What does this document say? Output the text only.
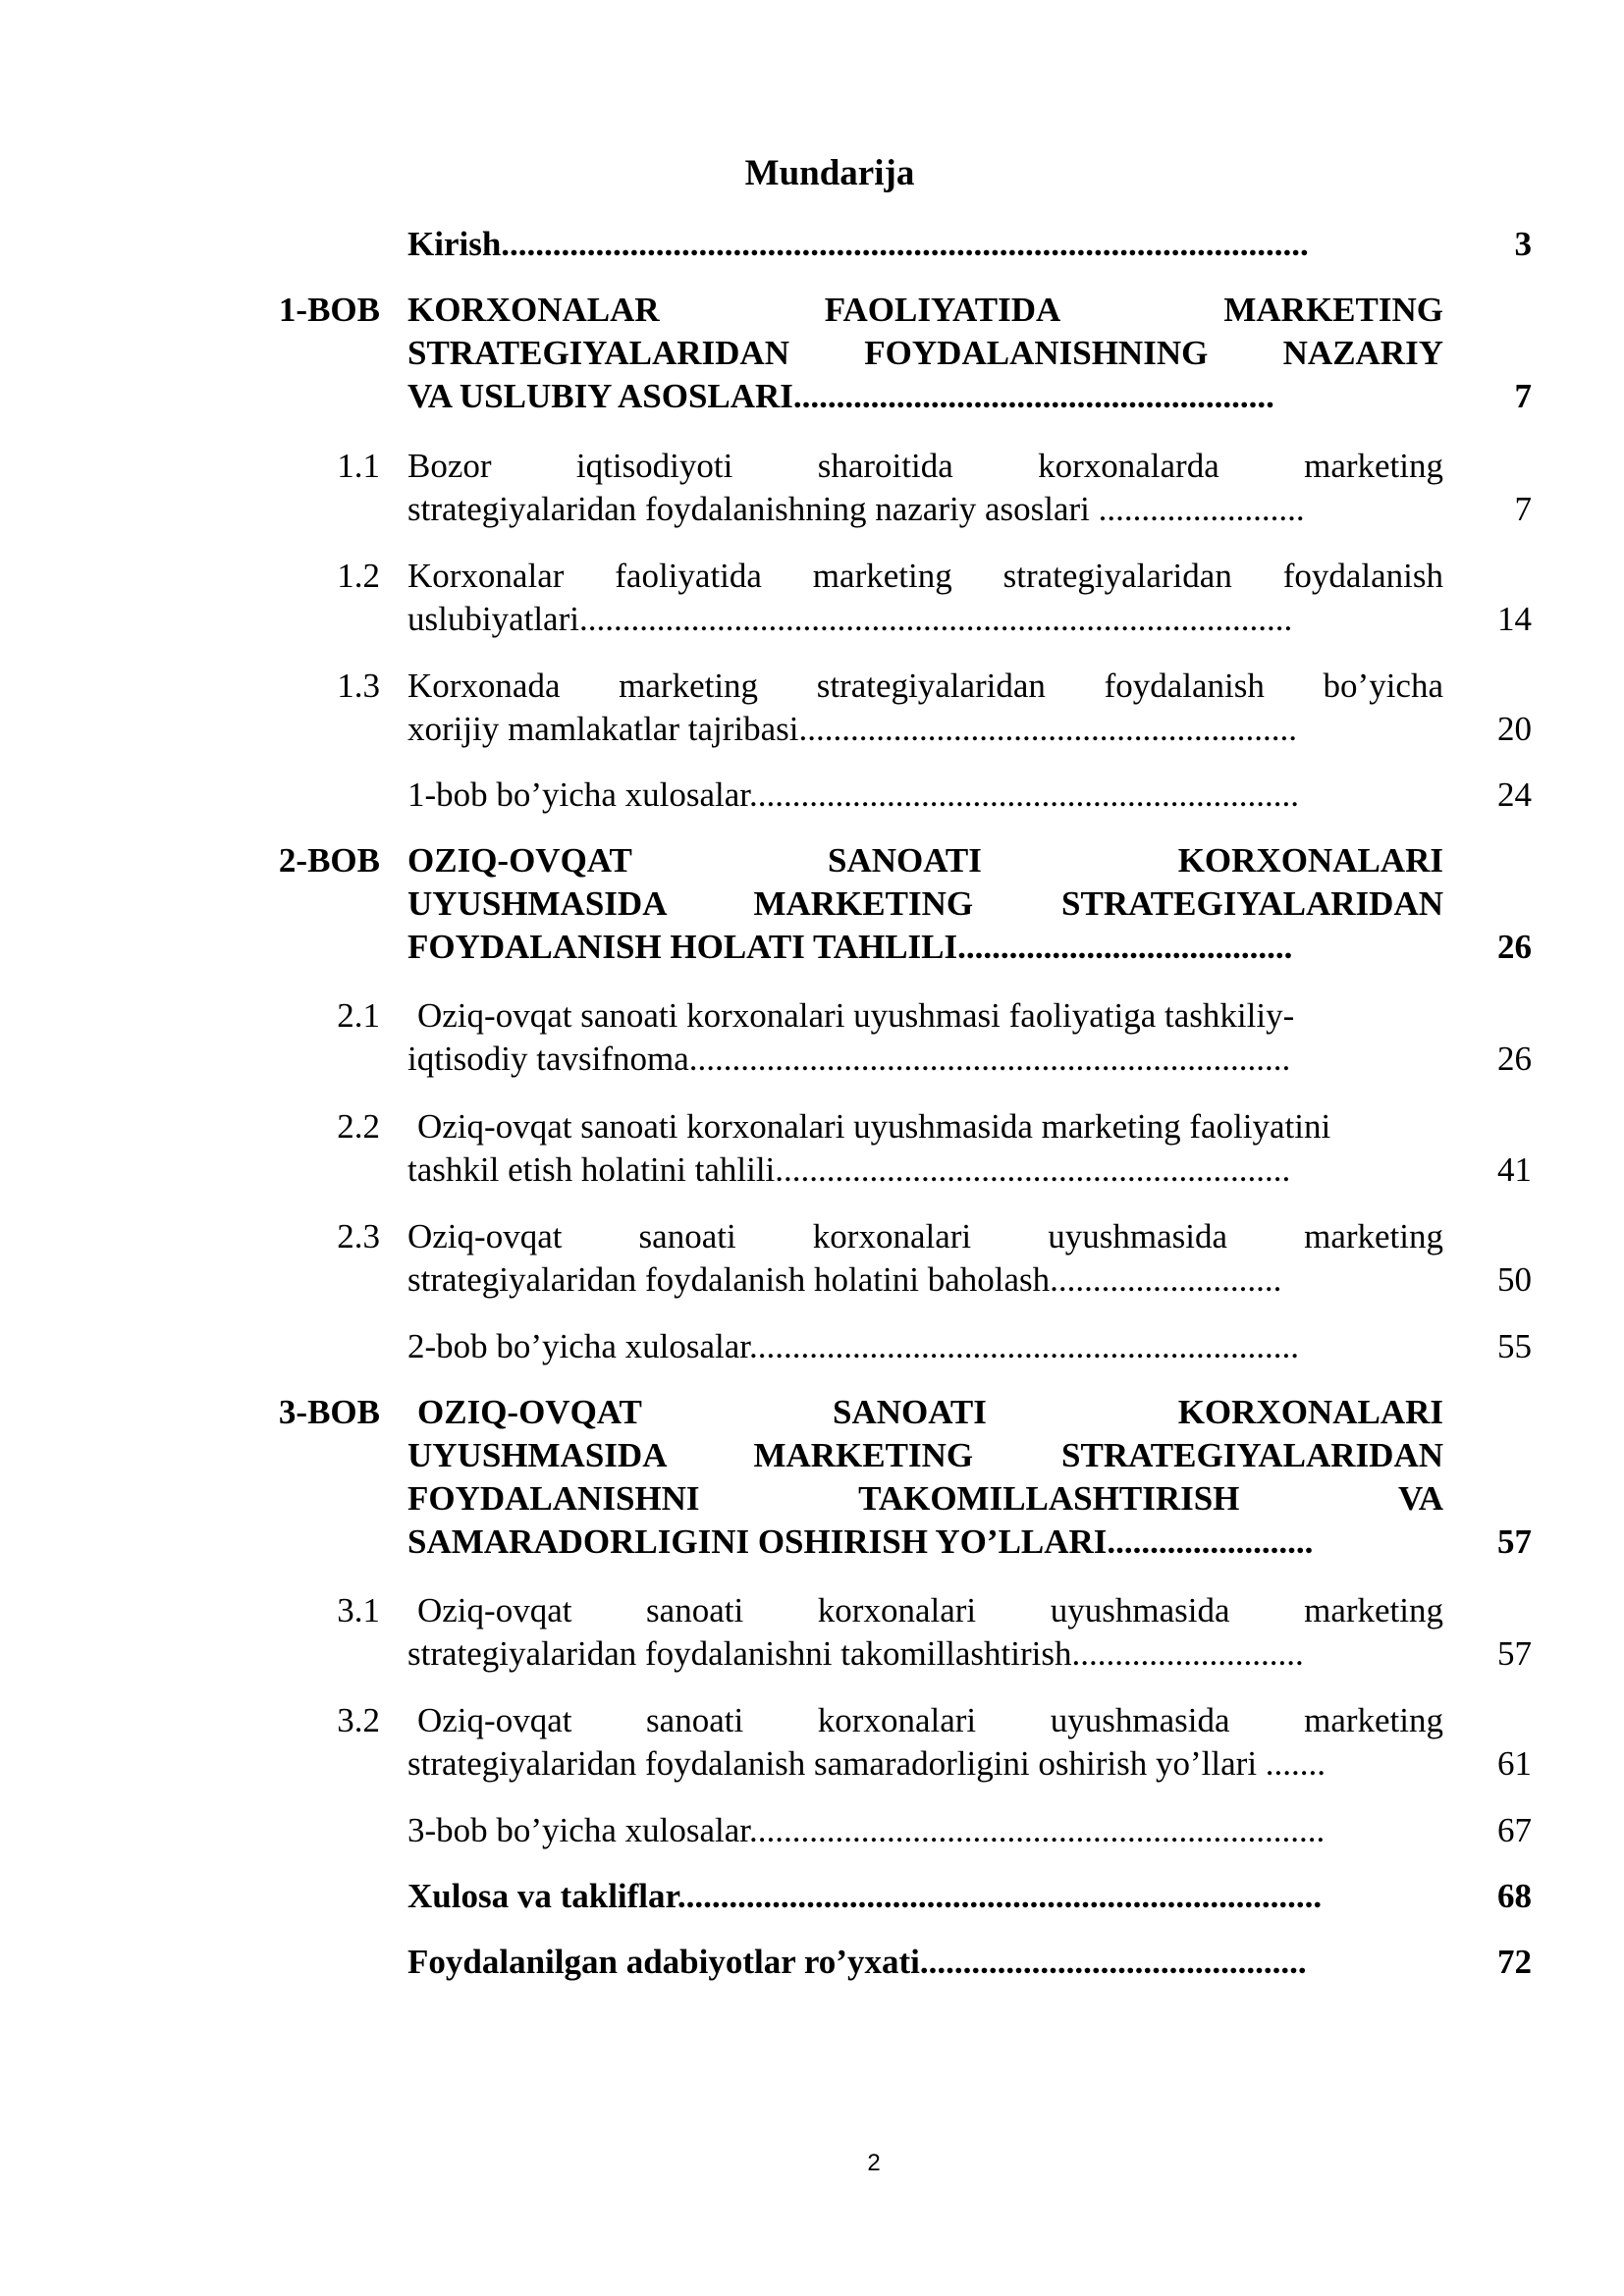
Mundarija
Kirish..............................................................................................	3
1-BOB KORXONALAR FAOLIYATIDA MARKETING
STRATEGIYALARIDAN FOYDALANISHNING NAZARIY
VA USLUBIY ASOSLARI........................................................	7
1.1 Bozor iqtisodiyoti sharoitida korxonalarda marketing
strategiyalaridan foydalanishning nazariy asoslari ........................	7
1.2 Korxonalar faoliyatida marketing strategiyalaridan foydalanish
uslubiyatlari...................................................................................	14
1.3 Korxonada marketing strategiyalaridan foydalanish bo’yicha
xorijiy mamlakatlar tajribasi..........................................................	20
1-bob bo’yicha xulosalar................................................................	24
2-BOB OZIQ-OVQAT SANOATI KORXONALARI
UYUSHMASIDA MARKETING STRATEGIYALARIDAN
FOYDALANISH HOLATI TAHLILI.......................................	26
2.1 Oziq-ovqat sanoati korxonalari uyushmasi faoliyatiga tashkiliy-
iqtisodiy tavsifnoma......................................................................	26
2.2 Oziq-ovqat sanoati korxonalari uyushmasida marketing faoliyatini
tashkil etish holatini tahlili............................................................	41
2.3 Oziq-ovqat sanoati korxonalari uyushmasida marketing
strategiyalaridan foydalanish holatini baholash...........................	50
2-bob bo’yicha xulosalar................................................................	55
3-BOB OZIQ-OVQAT SANOATI KORXONALARI
UYUSHMASIDA MARKETING STRATEGIYALARIDAN
FOYDALANISHNI TAKOMILLASHTIRISH VA
SAMARADORLIGINI OSHIRISH YO’LLARI........................	57
3.1 Oziq-ovqat sanoati korxonalari uyushmasida marketing
strategiyalaridan foydalanishni takomillashtirish...........................	57
3.2 Oziq-ovqat sanoati korxonalari uyushmasida marketing
strategiyalaridan foydalanish samaradorligini oshirish yo’llari .......	61
3-bob bo’yicha xulosalar...................................................................	67
Xulosa va takliflar...........................................................................	68
Foydalanilgan adabiyotlar ro’yxati.............................................	72
2
